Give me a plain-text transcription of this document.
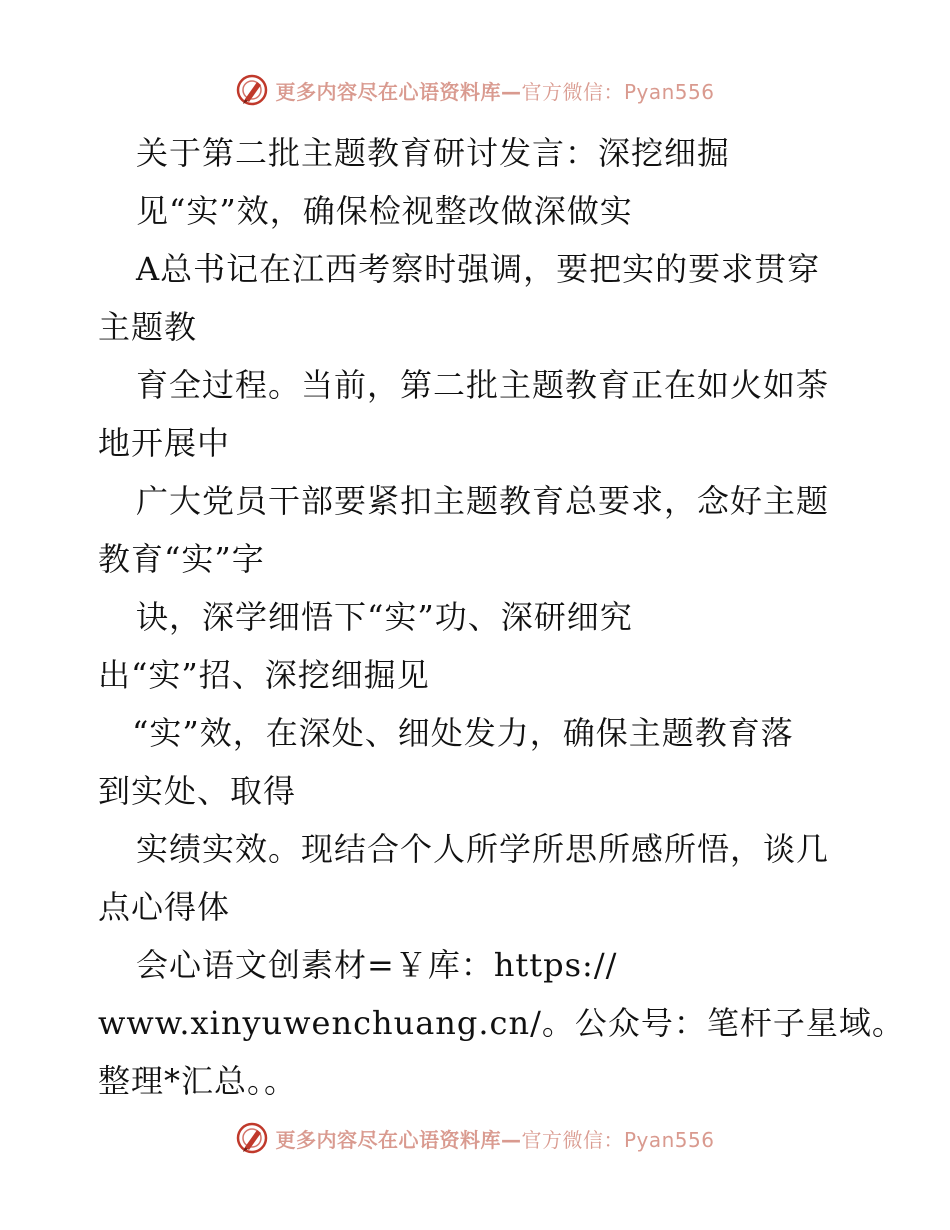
更多内容尽在心语资料库—官方微信：Pyan556
关于第二批主题教育研讨发言：深挖细掘
见“实”效，确保检视整改做深做实
A总书记在江西考察时强调，要把实的要求贯穿
主题教
育全过程。当前，第二批主题教育正在如火如荼
地开展中
广大党员干部要紧扣主题教育总要求，念好主题
教育“实”字
诀，深学细悟下“实”功、深研细究
出“实”招、深挖细掘见
“实”效，在深处、细处发力，确保主题教育落
到实处、取得
实绩实效。现结合个人所学所思所感所悟，谈几
点心得体
会心语文创素材=￥库：https://
www.xinyuwenchuang.cn/。公众号：笔杆子星域。
整理*汇总。。
更多内容尽在心语资料库—官方微信：Pyan556
